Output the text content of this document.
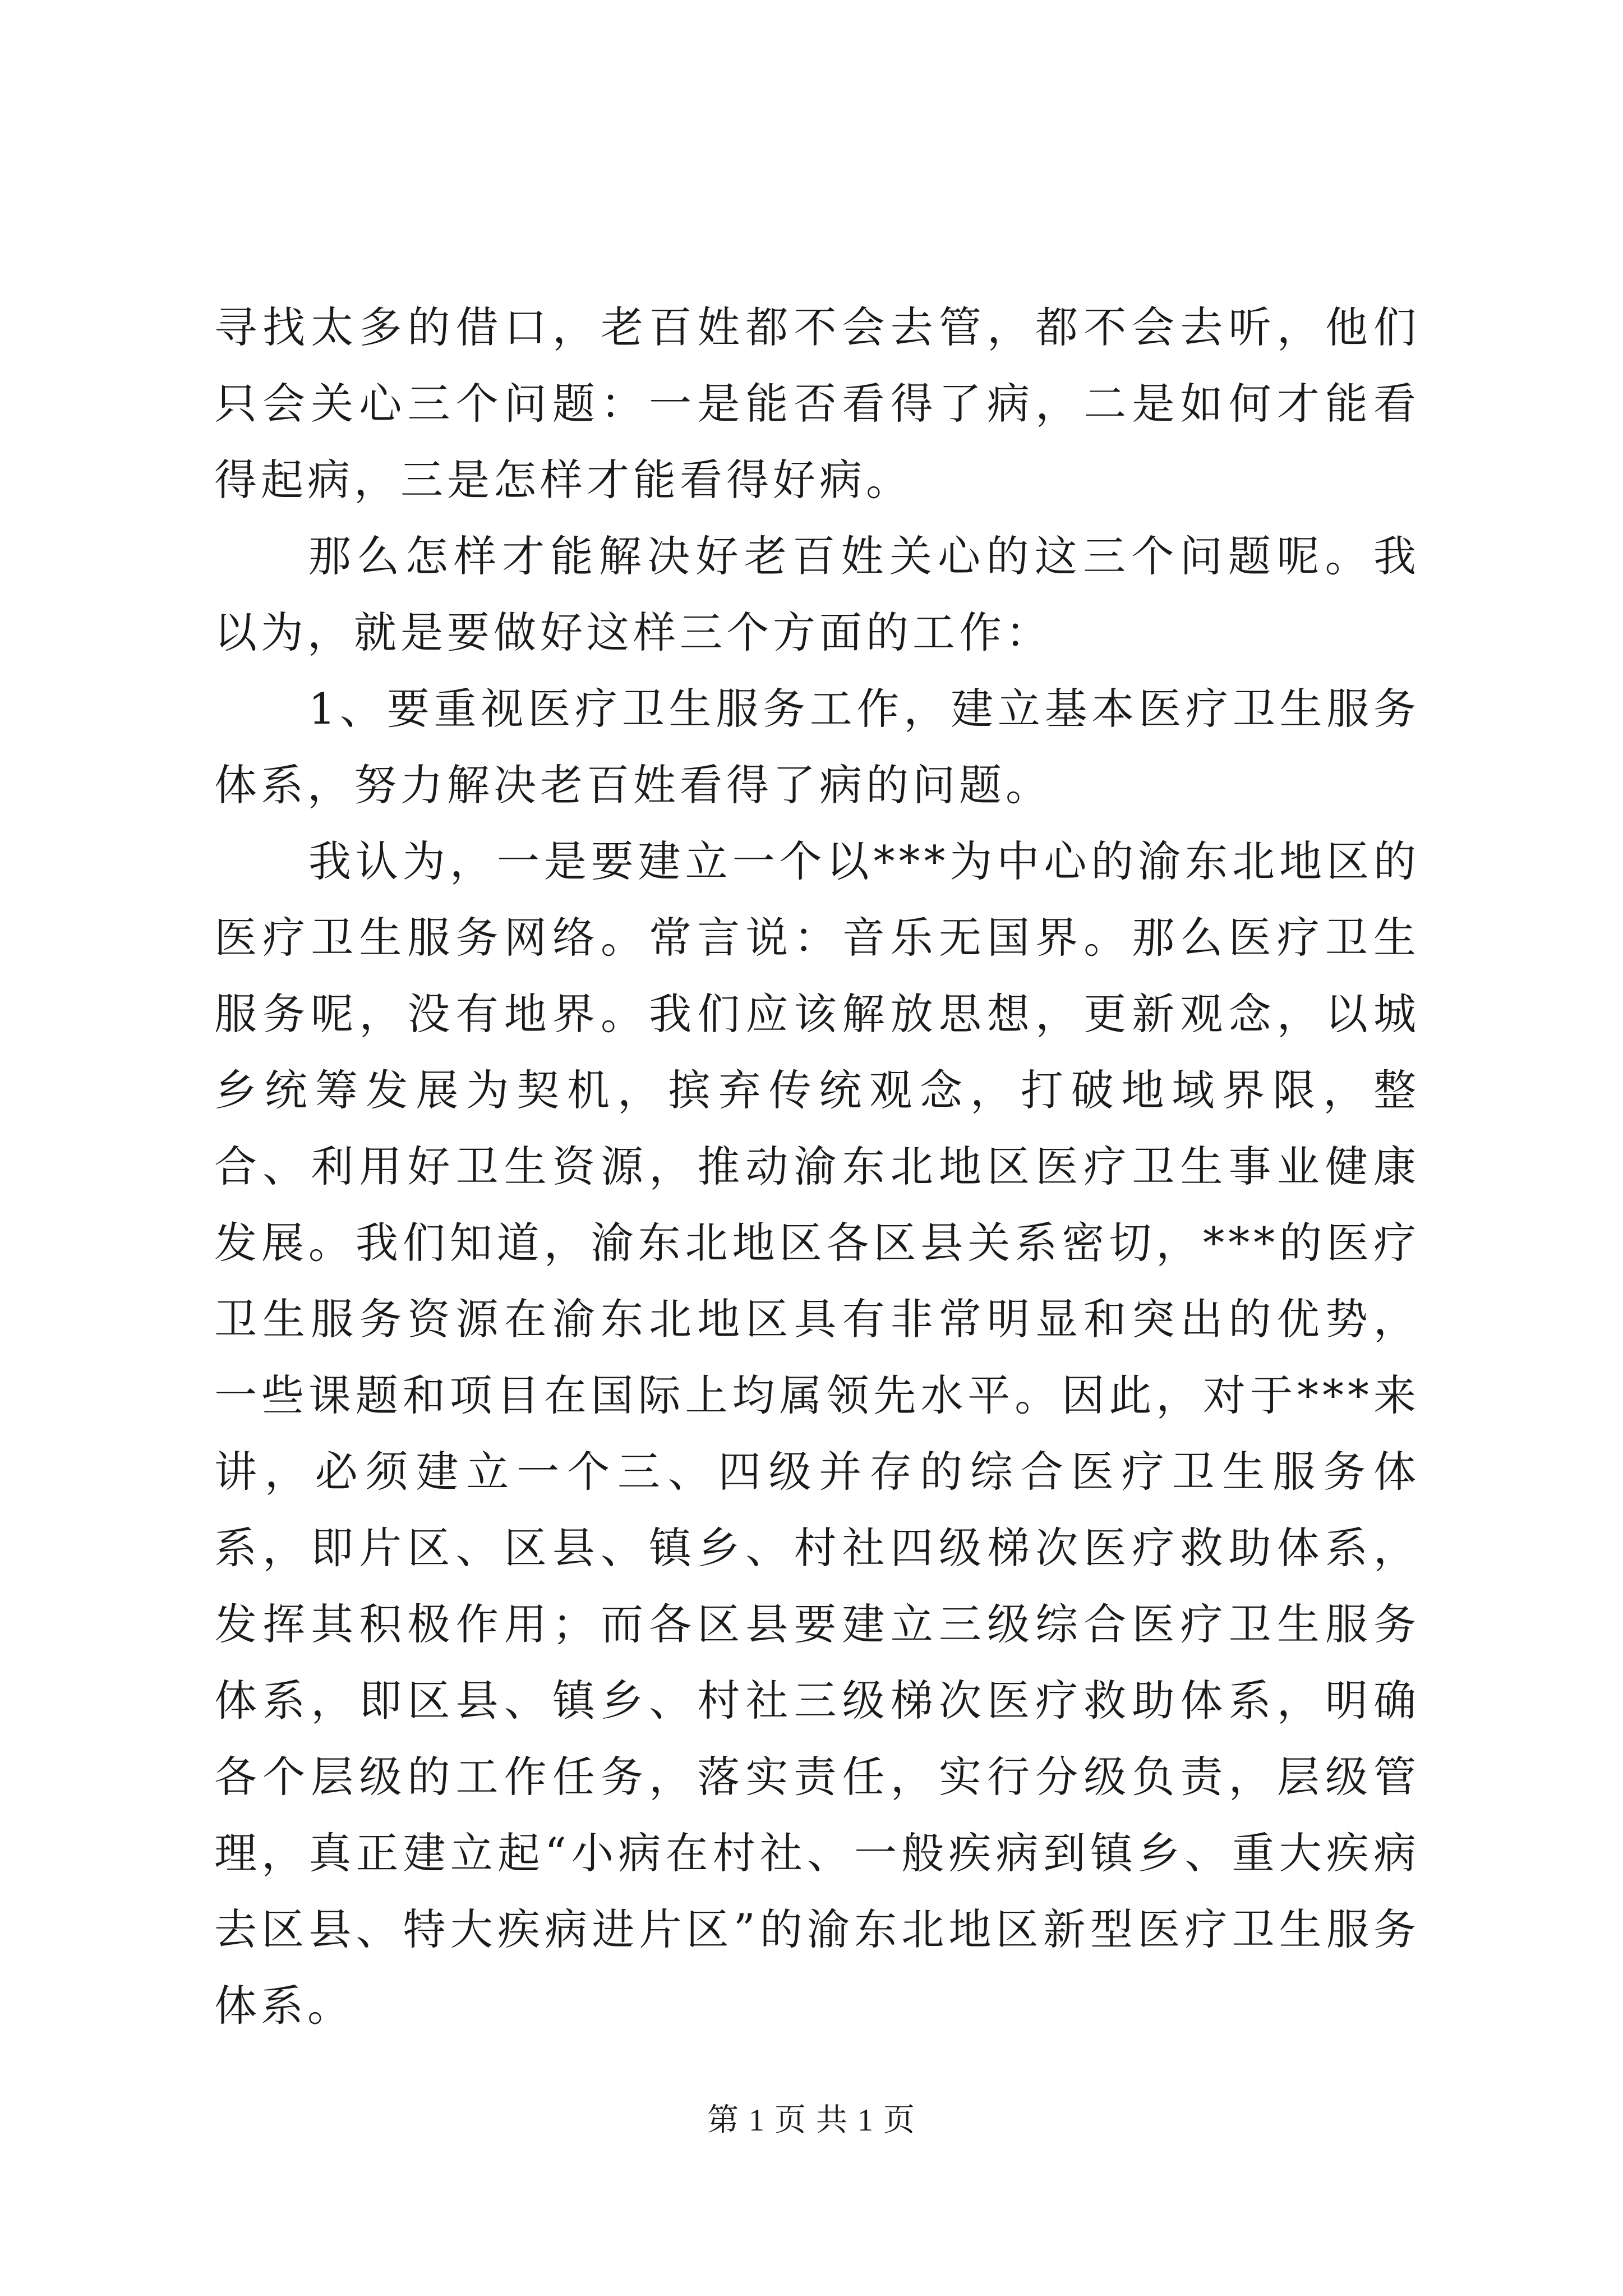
寻找太多的借口，老百姓都不会去管，都不会去听，他们只会关心三个问题：一是能否看得了病，二是如何才能看得起病，三是怎样才能看得好病。

那么怎样才能解决好老百姓关心的这三个问题呢。我以为，就是要做好这样三个方面的工作：

1、要重视医疗卫生服务工作，建立基本医疗卫生服务体系，努力解决老百姓看得了病的问题。

我认为，一是要建立一个以***为中心的渝东北地区的医疗卫生服务网络。常言说：音乐无国界。那么医疗卫生服务呢，没有地界。我们应该解放思想，更新观念，以城乡统筹发展为契机，摈弃传统观念，打破地域界限，整合、利用好卫生资源，推动渝东北地区医疗卫生事业健康发展。我们知道，渝东北地区各区县关系密切，***的医疗卫生服务资源在渝东北地区具有非常明显和突出的优势，一些课题和项目在国际上均属领先水平。因此，对于***来讲，必须建立一个三、四级并存的综合医疗卫生服务体系，即片区、区县、镇乡、村社四级梯次医疗救助体系，发挥其积极作用；而各区县要建立三级综合医疗卫生服务体系，即区县、镇乡、村社三级梯次医疗救助体系，明确各个层级的工作任务，落实责任，实行分级负责，层级管理，真正建立起“小病在村社、一般疾病到镇乡、重大疾病去区县、特大疾病进片区”的渝东北地区新型医疗卫生服务体系。

第 1 页 共 1 页
